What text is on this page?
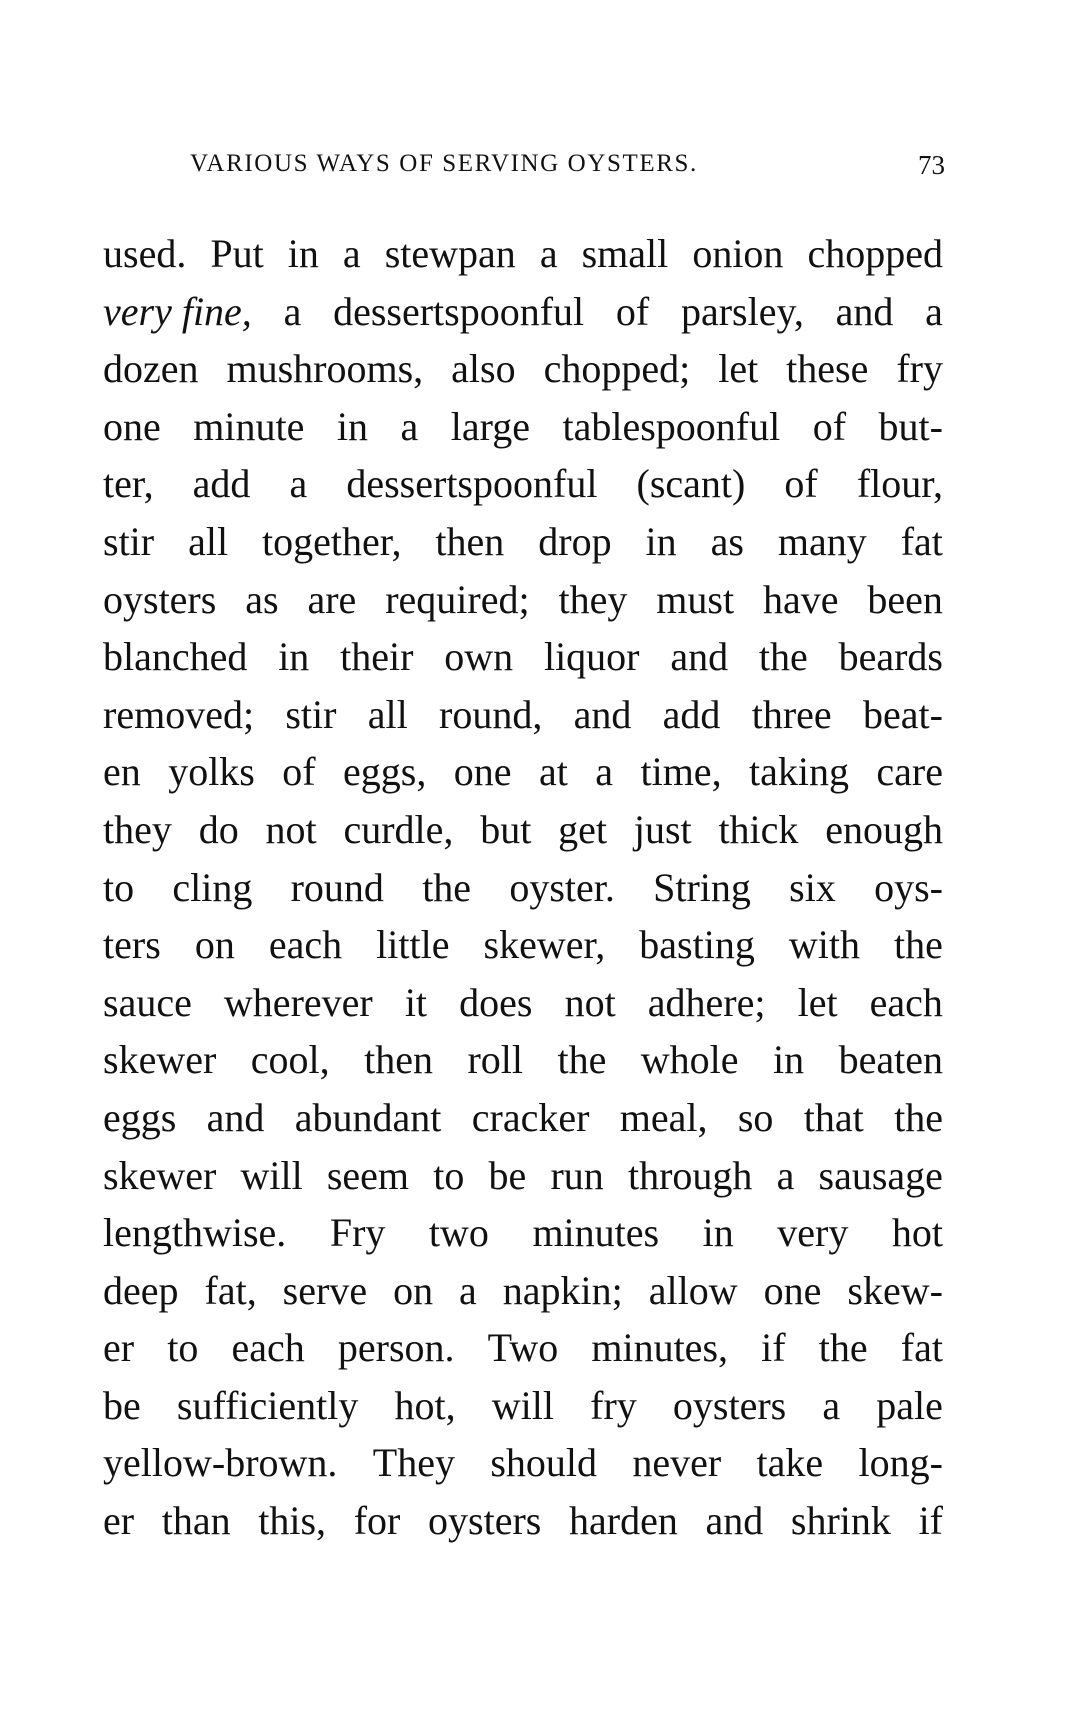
VARIOUS WAYS OF SERVING OYSTERS.	73
used. Put in a stewpan a small onion chopped
very fine, a dessertspoonful of parsley, and a
dozen mushrooms, also chopped; let these fry
one minute in a large tablespoonful of but-
ter, add a dessertspoonful (scant) of flour,
stir all together, then drop in as many fat
oysters as are required; they must have been
blanched in their own liquor and the beards
removed; stir all round, and add three beat-
en yolks of eggs, one at a time, taking care
they do not curdle, but get just thick enough
to cling round the oyster. String six oys-
ters on each little skewer, basting with the
sauce wherever it does not adhere; let each
skewer cool, then roll the whole in beaten
eggs and abundant cracker meal, so that the
skewer will seem to be run through a sausage
lengthwise. Fry two minutes in very hot
deep fat, serve on a napkin; allow one skew-
er to each person. Two minutes, if the fat
be sufficiently hot, will fry oysters a pale
yellow-brown. They should never take long-
er than this, for oysters harden and shrink if
